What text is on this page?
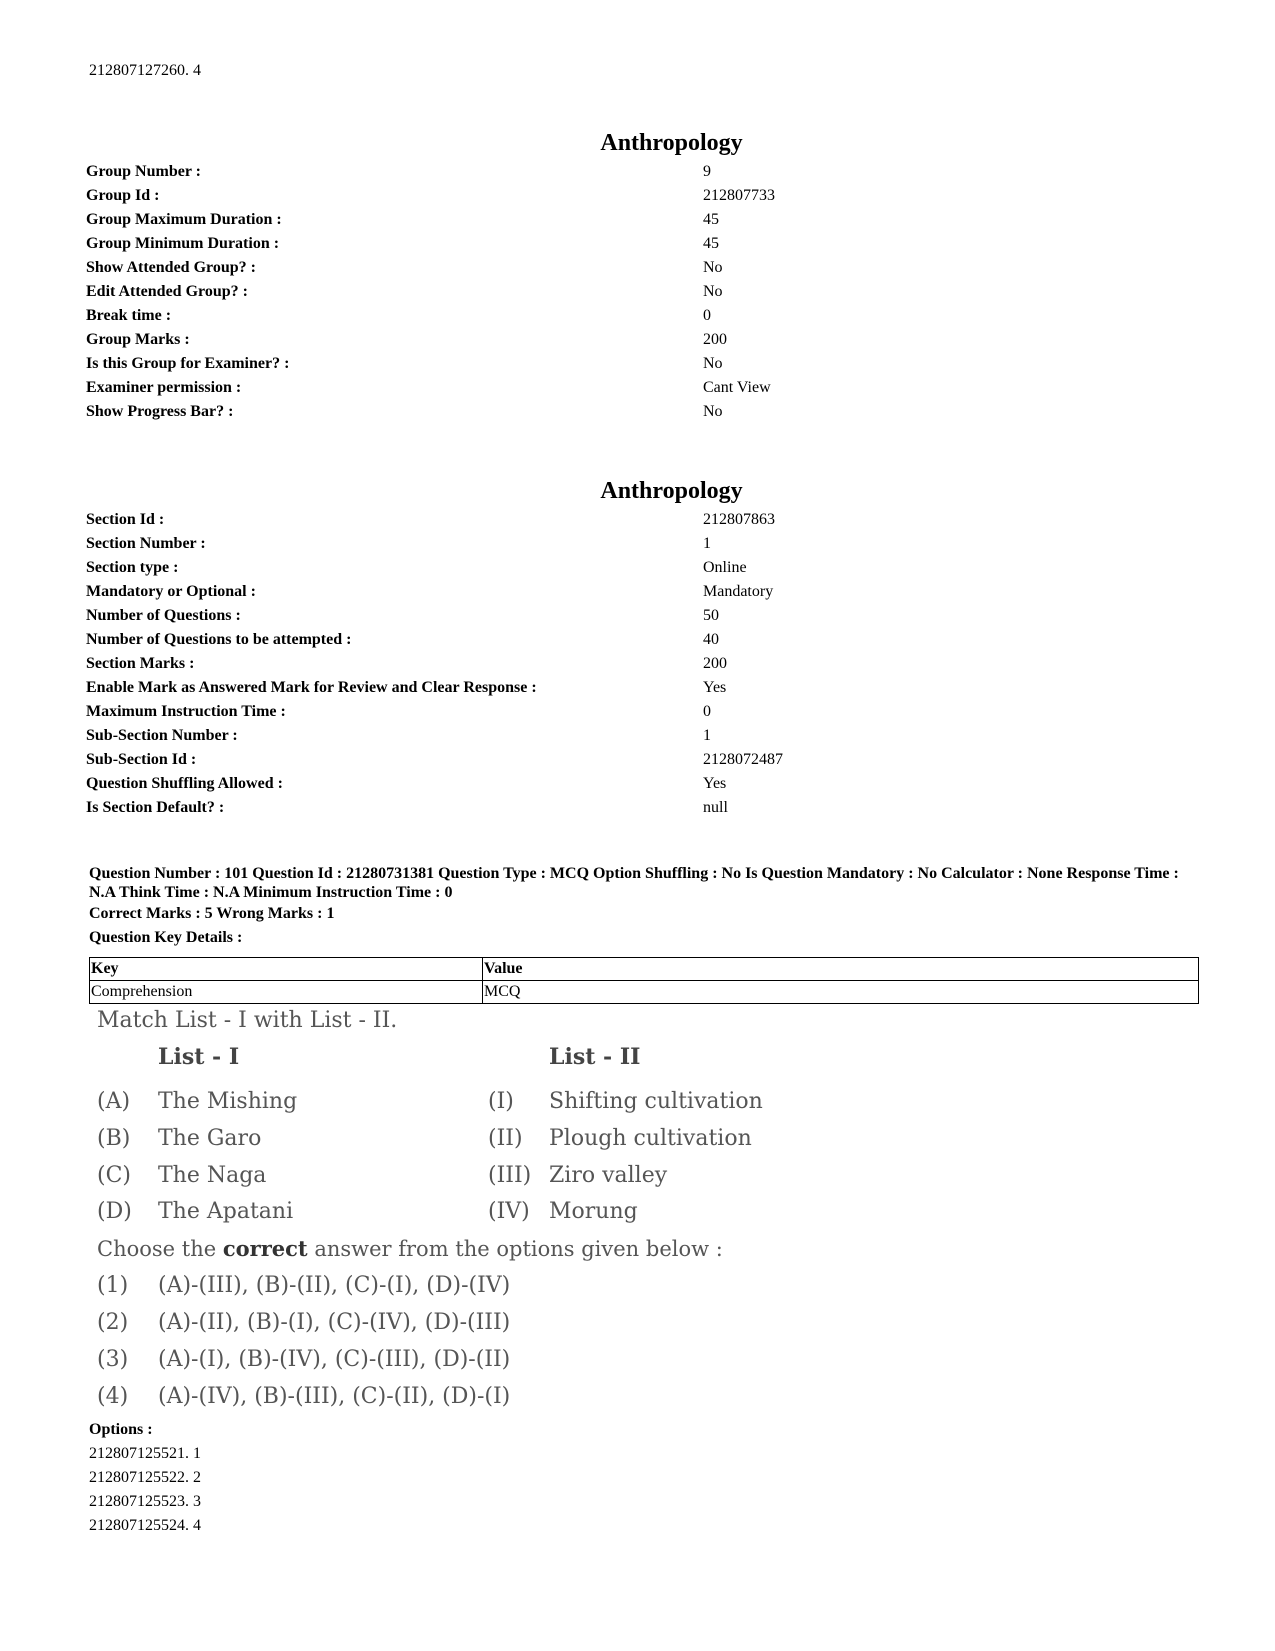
212807127260. 4
Anthropology
Group Number :	9
Group Id :	212807733
Group Maximum Duration :	45
Group Minimum Duration :	45
Show Attended Group? :	No
Edit Attended Group? :	No
Break time :	0
Group Marks :	200
Is this Group for Examiner? :	No
Examiner permission :	Cant View
Show Progress Bar? :	No
Anthropology
Section Id :	212807863
Section Number :	1
Section type :	Online
Mandatory or Optional :	Mandatory
Number of Questions :	50
Number of Questions to be attempted :	40
Section Marks :	200
Enable Mark as Answered Mark for Review and Clear Response :	Yes
Maximum Instruction Time :	0
Sub-Section Number :	1
Sub-Section Id :	2128072487
Question Shuffling Allowed :	Yes
Is Section Default? :	null
Question Number : 101 Question Id : 21280731381 Question Type : MCQ Option Shuffling : No Is Question Mandatory : No Calculator : None Response Time : N.A Think Time : N.A Minimum Instruction Time : 0
Correct Marks : 5 Wrong Marks : 1
Question Key Details :
Key	Value
Comprehension	MCQ
Match List - I with List - II.
List - I	List - II
(A) The Mishing	(I) Shifting cultivation
(B) The Garo	(II) Plough cultivation
(C) The Naga	(III) Ziro valley
(D) The Apatani	(IV) Morung
Choose the correct answer from the options given below :
(1) (A)-(III), (B)-(II), (C)-(I), (D)-(IV)
(2) (A)-(II), (B)-(I), (C)-(IV), (D)-(III)
(3) (A)-(I), (B)-(IV), (C)-(III), (D)-(II)
(4) (A)-(IV), (B)-(III), (C)-(II), (D)-(I)
Options :
212807125521. 1
212807125522. 2
212807125523. 3
212807125524. 4
